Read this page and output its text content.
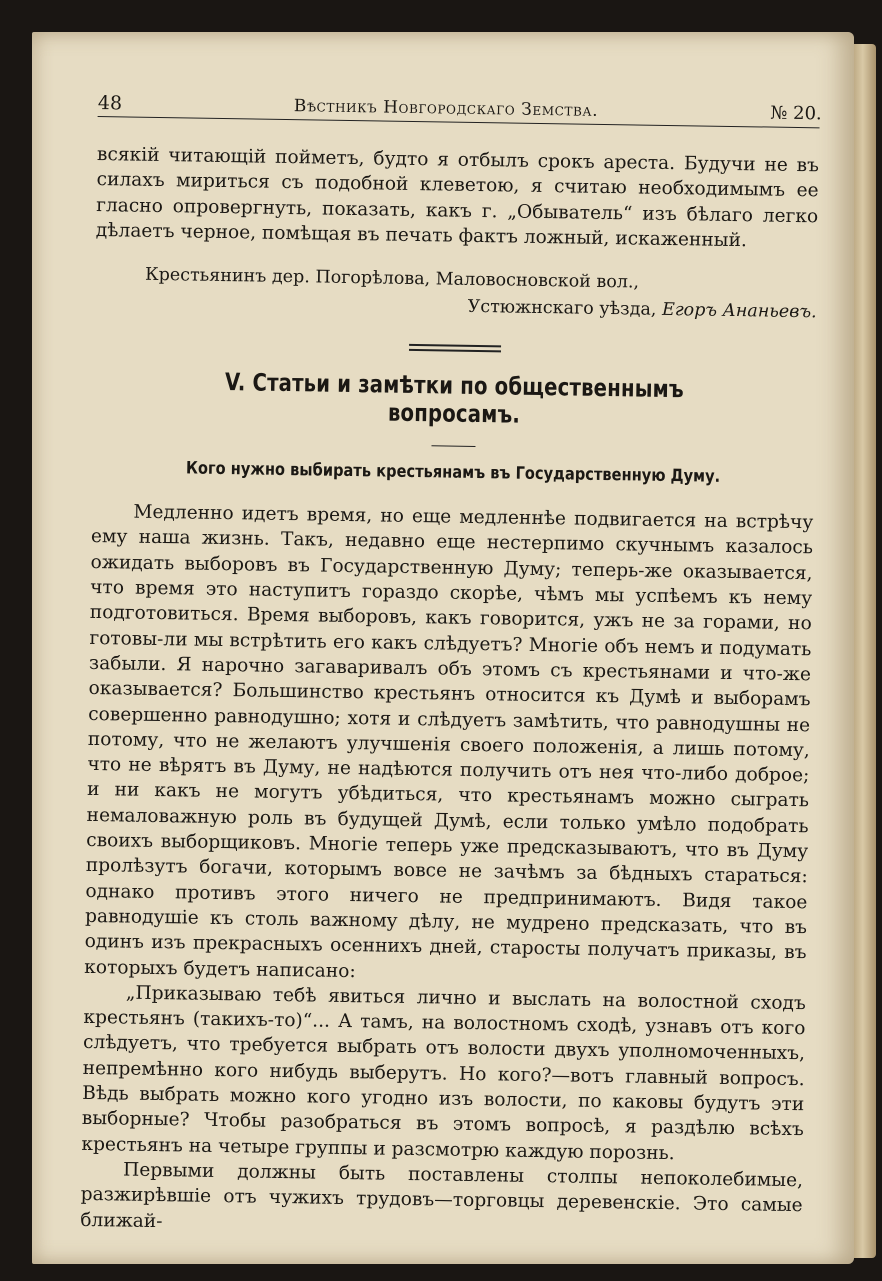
48	Вѣстникъ Новгородскаго Земства.	№ 20.

всякій читающій пойметъ, будто я отбылъ срокъ ареста. Будучи не въ силахъ мириться съ подобной клеветою, я считаю необходимымъ ее гласно опровергнуть, показать, какъ г. „Обыватель“ изъ бѣлаго легко дѣлаетъ черное, помѣщая въ печать фактъ ложный, искаженный.

Крестьянинъ дер. Погорѣлова, Маловосновской вол.,
Устюжнскаго уѣзда, Егоръ Ананьевъ.
V. Статьи и замѣтки по общественнымъ вопросамъ.
Кого нужно выбирать крестьянамъ въ Государственную Думу.

Медленно идетъ время, но еще медленнѣе подвигается на встрѣчу ему наша жизнь. Такъ, недавно еще нестерпимо скучнымъ казалось ожидать выборовъ въ Государственную Думу; теперь-же оказывается, что время это наступитъ гораздо скорѣе, чѣмъ мы успѣемъ къ нему подготовиться. Время выборовъ, какъ говорится, ужъ не за горами, но готовы-ли мы встрѣтить его какъ слѣдуетъ? Многіе объ немъ и подумать забыли. Я нарочно загаваривалъ объ этомъ съ крестьянами и что-же оказывается? Большинство крестьянъ относится къ Думѣ и выборамъ совершенно равнодушно; хотя и слѣдуетъ замѣтить, что равнодушны не потому, что не желаютъ улучшенія своего положенія, а лишь потому, что не вѣрятъ въ Думу, не надѣются получить отъ нея что-либо доброе; и ни какъ не могутъ убѣдиться, что крестьянамъ можно сыграть немаловажную роль въ будущей Думѣ, если только умѣло подобрать своихъ выборщиковъ. Многіе теперь уже предсказываютъ, что въ Думу пролѣзутъ богачи, которымъ вовсе не зачѣмъ за бѣдныхъ стараться: однако противъ этого ничего не предпринимаютъ. Видя такое равнодушіе къ столь важному дѣлу, не мудрено предсказать, что въ одинъ изъ прекрасныхъ осеннихъ дней, старосты получатъ приказы, въ которыхъ будетъ написано:

„Приказываю тебѣ явиться лично и выслать на волостной сходъ крестьянъ (такихъ-то)“... А тамъ, на волостномъ сходѣ, узнавъ отъ кого слѣдуетъ, что требуется выбрать отъ волости двухъ уполномоченныхъ, непремѣнно кого нибудь выберутъ. Но кого?—вотъ главный вопросъ. Вѣдь выбрать можно кого угодно изъ волости, по каковы будутъ эти выборные? Чтобы разобраться въ этомъ вопросѣ, я раздѣлю всѣхъ крестьянъ на четыре группы и разсмотрю каждую порознь.

Первыми должны быть поставлены столпы непоколебимые, разжирѣвшіе отъ чужихъ трудовъ—торговцы деревенскіе. Это самые ближай-
